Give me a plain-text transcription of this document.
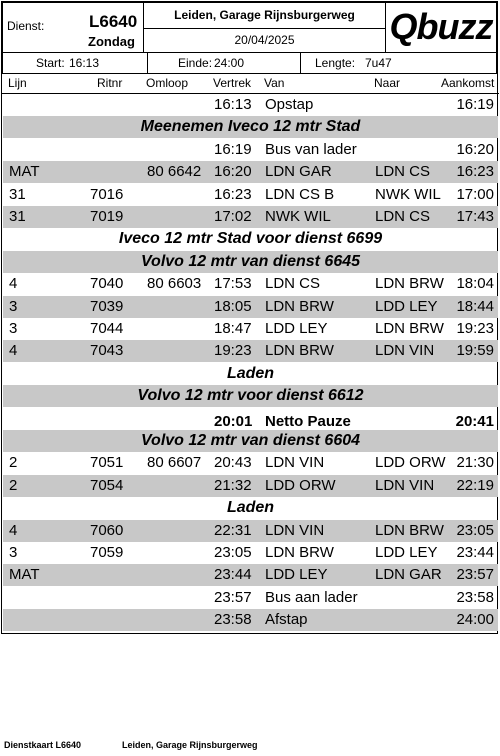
Dienst:	L6640
Zondag
Leiden, Garage Rijnsburgerweg
20/04/2025	Qbuzz
Start: 16:13	Einde: 24:00	Lengte: 7u47
Lijn	Ritnr Omloop Vertrek Van	Naar	Aankomst
16:13 Opstap	16:19
Meenemen Iveco 12 mtr Stad
16:19 Bus van lader	16:20
MAT	80 6642 16:20 LDN GAR	LDN CS 16:23
31	7016	16:23 LDN CS B	NWK WIL 17:00
31	7019	17:02 NWK WIL	LDN CS 17:43
Iveco 12 mtr Stad voor dienst 6699
Volvo 12 mtr van dienst 6645
4	7040 80 6603 17:53 LDN CS	LDN BRW 18:04
3	7039	18:05 LDN BRW	LDD LEY 18:44
3	7044	18:47 LDD LEY	LDN BRW 19:23
4	7043	19:23 LDN BRW	LDN VIN 19:59
Laden
Volvo 12 mtr voor dienst 6612
20:01 Netto Pauze	20:41
Volvo 12 mtr van dienst 6604
2	7051 80 6607 20:43 LDN VIN	LDD ORW 21:30
2	7054	21:32 LDD ORW	LDN VIN 22:19
Laden
4	7060	22:31 LDN VIN	LDN BRW 23:05
3	7059	23:05 LDN BRW	LDD LEY 23:44
MAT	23:44 LDD LEY	LDN GAR 23:57
23:57 Bus aan lader	23:58
23:58 Afstap	24:00
Dienstkaart L6640	Leiden, Garage Rijnsburgerweg
